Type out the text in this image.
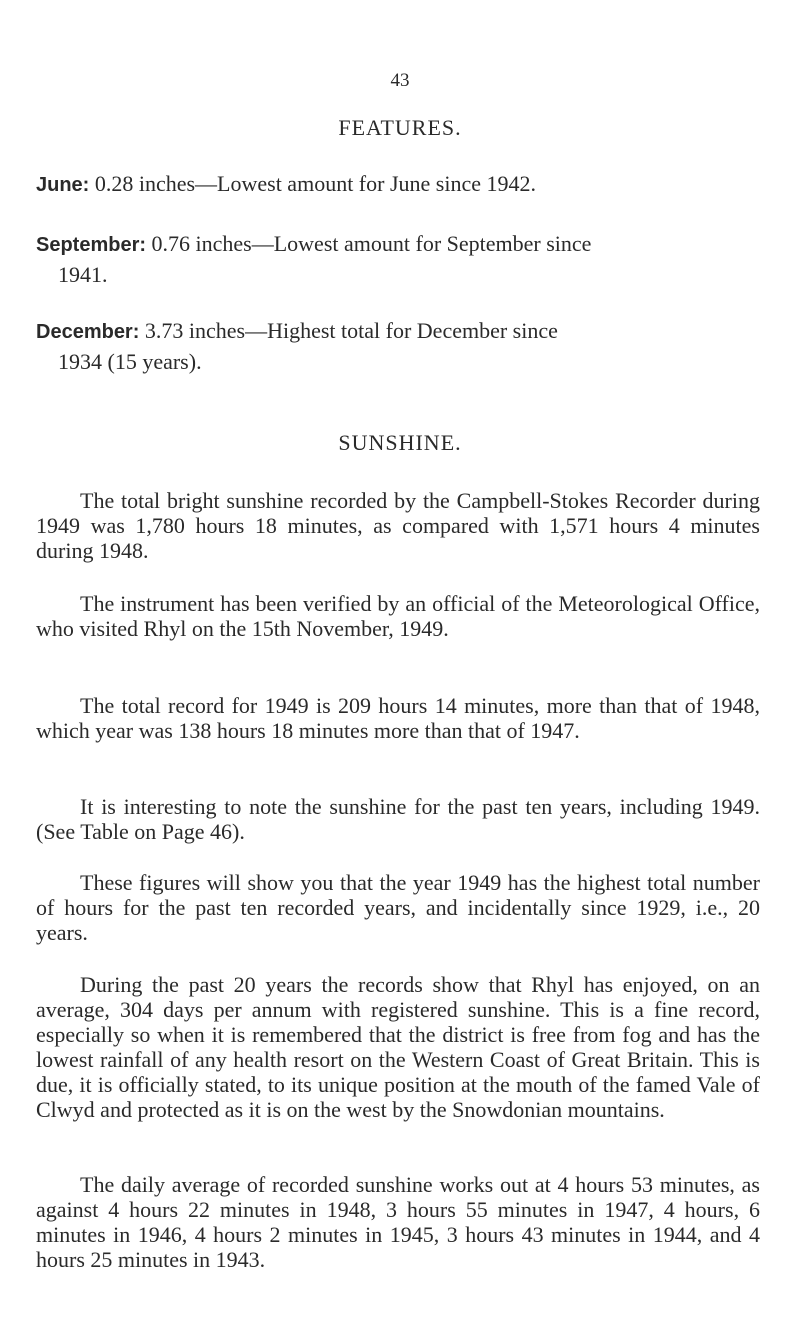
43
FEATURES.
June: 0.28 inches—Lowest amount for June since 1942.
September: 0.76 inches—Lowest amount for September since
1941.
December: 3.73 inches—Highest total for December since
1934 (15 years).
SUNSHINE.
The total bright sunshine recorded by the Campbell-Stokes Recorder during 1949 was 1,780 hours 18 minutes, as compared with 1,571 hours 4 minutes during 1948.
The instrument has been verified by an official of the Meteorological Office, who visited Rhyl on the 15th November, 1949.
The total record for 1949 is 209 hours 14 minutes, more than that of 1948, which year was 138 hours 18 minutes more than that of 1947.
It is interesting to note the sunshine for the past ten years, including 1949. (See Table on Page 46).
These figures will show you that the year 1949 has the highest total number of hours for the past ten recorded years, and incidentally since 1929, i.e., 20 years.
During the past 20 years the records show that Rhyl has enjoyed, on an average, 304 days per annum with registered sunshine. This is a fine record, especially so when it is remembered that the district is free from fog and has the lowest rainfall of any health resort on the Western Coast of Great Britain. This is due, it is officially stated, to its unique position at the mouth of the famed Vale of Clwyd and protected as it is on the west by the Snowdonian mountains.
The daily average of recorded sunshine works out at 4 hours 53 minutes, as against 4 hours 22 minutes in 1948, 3 hours 55 minutes in 1947, 4 hours, 6 minutes in 1946, 4 hours 2 minutes in 1945, 3 hours 43 minutes in 1944, and 4 hours 25 minutes in 1943.
